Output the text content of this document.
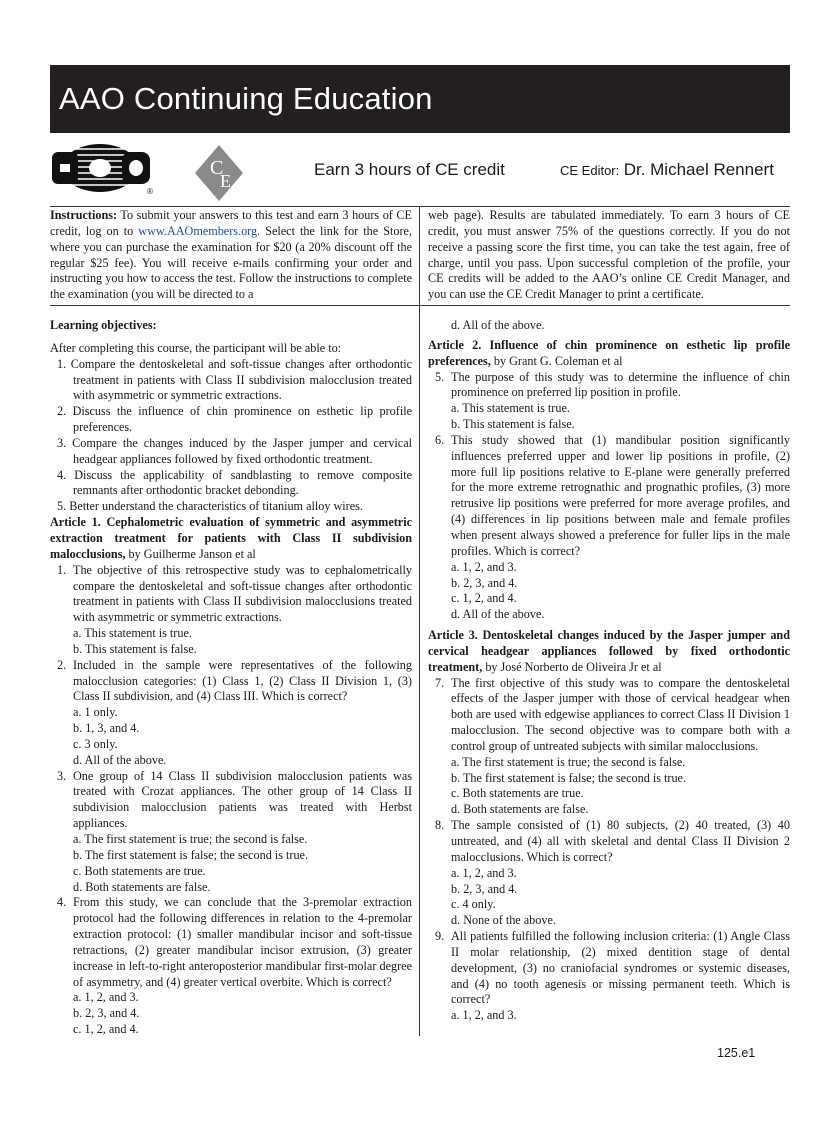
AAO Continuing Education
®
C
E
Earn 3 hours of CE credit	CE Editor: Dr. Michael Rennert

Instructions: To submit your answers to this test and earn 3 hours of CE credit, log on to www.AAOmembers.org. Select the link for the Store, where you can purchase the examination for $20 (a 20% discount off the regular $25 fee). You will receive e-mails confirming your order and instructing you how to access the test. Follow the instructions to complete the examination (you will be directed to a

web page). Results are tabulated immediately. To earn 3 hours of CE credit, you must answer 75% of the questions correctly. If you do not receive a passing score the first time, you can take the test again, free of charge, until you pass. Upon successful completion of the profile, your CE credits will be added to the AAO’s online CE Credit Manager, and you can use the CE Credit Manager to print a certificate.

Learning objectives:

After completing this course, the participant will be able to:

1. Compare the dentoskeletal and soft-tissue changes after orthodontic treatment in patients with Class II subdivision malocclusion treated with asymmetric or symmetric extractions.

2. Discuss the influence of chin prominence on esthetic lip profile preferences.

3. Compare the changes induced by the Jasper jumper and cervical headgear appliances followed by fixed orthodontic treatment.

4. Discuss the applicability of sandblasting to remove composite remnants after orthodontic bracket debonding.

5. Better understand the characteristics of titanium alloy wires.

Article 1. Cephalometric evaluation of symmetric and asymmetric extraction treatment for patients with Class II subdivision malocclusions, by Guilherme Janson et al

1. The objective of this retrospective study was to cephalometrically compare the dentoskeletal and soft-tissue changes after orthodontic treatment in patients with Class II subdivision malocclusions treated with asymmetric or symmetric extractions.

a. This statement is true.

b. This statement is false.

2. Included in the sample were representatives of the following malocclusion categories: (1) Class 1, (2) Class II Division 1, (3) Class II subdivision, and (4) Class III. Which is correct?

a. 1 only.

b. 1, 3, and 4.

c. 3 only.

d. All of the above.

3. One group of 14 Class II subdivision malocclusion patients was treated with Crozat appliances. The other group of 14 Class II subdivision malocclusion patients was treated with Herbst appliances.

a. The first statement is true; the second is false.

b. The first statement is false; the second is true.

c. Both statements are true.

d. Both statements are false.

4. From this study, we can conclude that the 3-premolar extraction protocol had the following differences in relation to the 4-premolar extraction protocol: (1) smaller mandibular incisor and soft-tissue retractions, (2) greater mandibular incisor extrusion, (3) greater increase in left-to-right anteroposterior mandibular first-molar degree of asymmetry, and (4) greater vertical overbite. Which is correct?

a. 1, 2, and 3.

b. 2, 3, and 4.

c. 1, 2, and 4.

d. All of the above.

Article 2. Influence of chin prominence on esthetic lip profile preferences, by Grant G. Coleman et al

5. The purpose of this study was to determine the influence of chin prominence on preferred lip position in profile.

a. This statement is true.

b. This statement is false.

6. This study showed that (1) mandibular position significantly influences preferred upper and lower lip positions in profile, (2) more full lip positions relative to E-plane were generally preferred for the more extreme retrognathic and prognathic profiles, (3) more retrusive lip positions were preferred for more average profiles, and (4) differences in lip positions between male and female profiles when present always showed a preference for fuller lips in the male profiles. Which is correct?

a. 1, 2, and 3.

b. 2, 3, and 4.

c. 1, 2, and 4.

d. All of the above.

Article 3. Dentoskeletal changes induced by the Jasper jumper and cervical headgear appliances followed by fixed orthodontic treatment, by José Norberto de Oliveira Jr et al

7. The first objective of this study was to compare the dentoskeletal effects of the Jasper jumper with those of cervical headgear when both are used with edgewise appliances to correct Class II Division 1 malocclusion. The second objective was to compare both with a control group of untreated subjects with similar malocclusions.

a. The first statement is true; the second is false.

b. The first statement is false; the second is true.

c. Both statements are true.

d. Both statements are false.

8. The sample consisted of (1) 80 subjects, (2) 40 treated, (3) 40 untreated, and (4) all with skeletal and dental Class II Division 2 malocclusions. Which is correct?

a. 1, 2, and 3.

b. 2, 3, and 4.

c. 4 only.

d. None of the above.

9. All patients fulfilled the following inclusion criteria: (1) Angle Class II molar relationship, (2) mixed dentition stage of dental development, (3) no craniofacial syndromes or systemic diseases, and (4) no tooth agenesis or missing permanent teeth. Which is correct?

a. 1, 2, and 3.

125.e1
